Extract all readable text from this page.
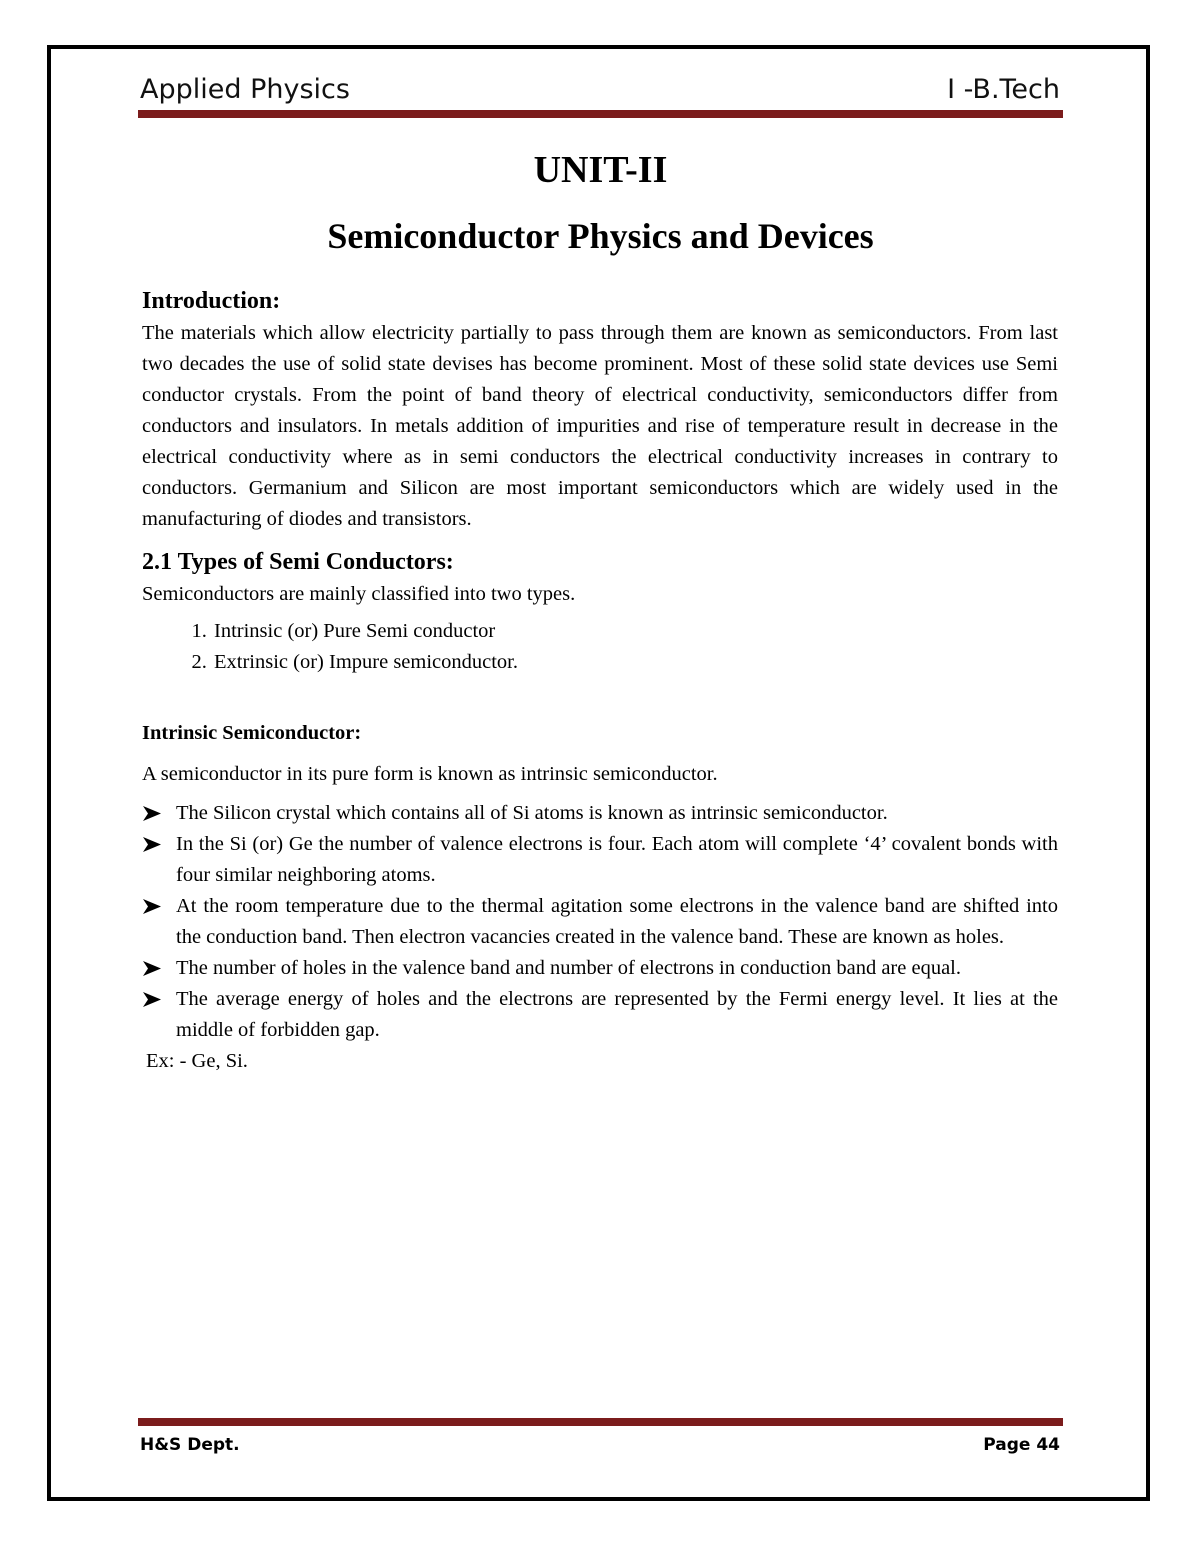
Applied Physics	I -B.Tech
UNIT-II
Semiconductor Physics and Devices
Introduction:

The materials which allow electricity partially to pass through them are known as semiconductors. From last two decades the use of solid state devises has become prominent. Most of these solid state devices use Semi conductor crystals. From the point of band theory of electrical conductivity, semiconductors differ from conductors and insulators. In metals addition of impurities and rise of temperature result in decrease in the electrical conductivity where as in semi conductors the electrical conductivity increases in contrary to conductors. Germanium and Silicon are most important semiconductors which are widely used in the manufacturing of diodes and transistors.

2.1 Types of Semi Conductors:

Semiconductors are mainly classified into two types.

1. Intrinsic (or) Pure Semi conductor
2. Extrinsic (or) Impure semiconductor.
Intrinsic Semiconductor:

A semiconductor in its pure form is known as intrinsic semiconductor.

The Silicon crystal which contains all of Si atoms is known as intrinsic semiconductor.
In the Si (or) Ge the number of valence electrons is four. Each atom will complete ‘4’ covalent bonds with four similar neighboring atoms.
At the room temperature due to the thermal agitation some electrons in the valence band are shifted into the conduction band. Then electron vacancies created in the valence band. These are known as holes.
The number of holes in the valence band and number of electrons in conduction band are equal.
The average energy of holes and the electrons are represented by the Fermi energy level. It lies at the middle of forbidden gap.

Ex: - Ge, Si.

H&S Dept.	Page 44
